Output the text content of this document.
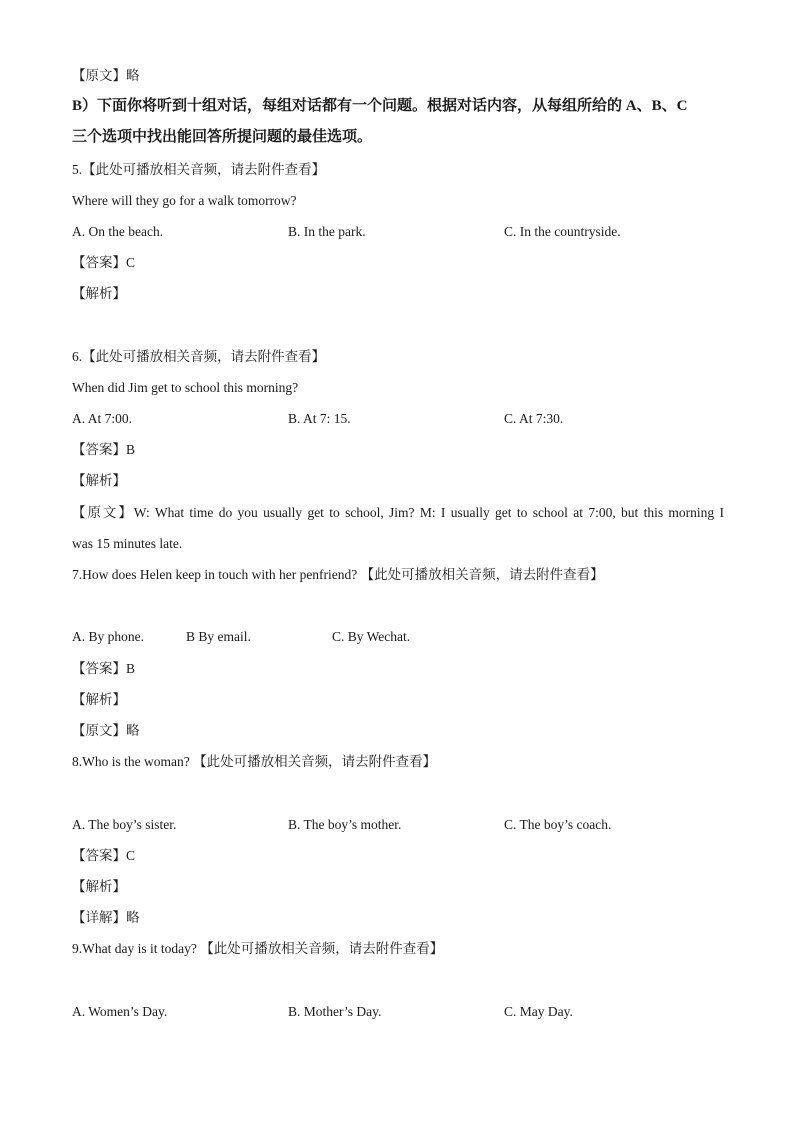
【原文】略
B）下面你将听到十组对话，每组对话都有一个问题。根据对话内容，从每组所给的 A、B、C
三个选项中找出能回答所提问题的最佳选项。
5.【此处可播放相关音频，请去附件查看】
Where will they go for a walk tomorrow?
A. On the beach.	B. In the park.	C. In the countryside.
【答案】C
【解析】
6.【此处可播放相关音频，请去附件查看】
When did Jim get to school this morning?
A. At 7:00.	B. At 7: 15.	C. At 7:30.
【答案】B
【解析】
【原文】W: What time do you usually get to school, Jim? M: I usually get to school at 7:00, but this morning I
was 15 minutes late.
7.How does Helen keep in touch with her penfriend? 【此处可播放相关音频，请去附件查看】
A. By phone.	B By email.	C. By Wechat.
【答案】B
【解析】
【原文】略
8.Who is the woman? 【此处可播放相关音频，请去附件查看】
A. The boy’s sister.	B. The boy’s mother.	C. The boy’s coach.
【答案】C
【解析】
【详解】略
9.What day is it today? 【此处可播放相关音频，请去附件查看】
A. Women’s Day.	B. Mother’s Day.	C. May Day.
